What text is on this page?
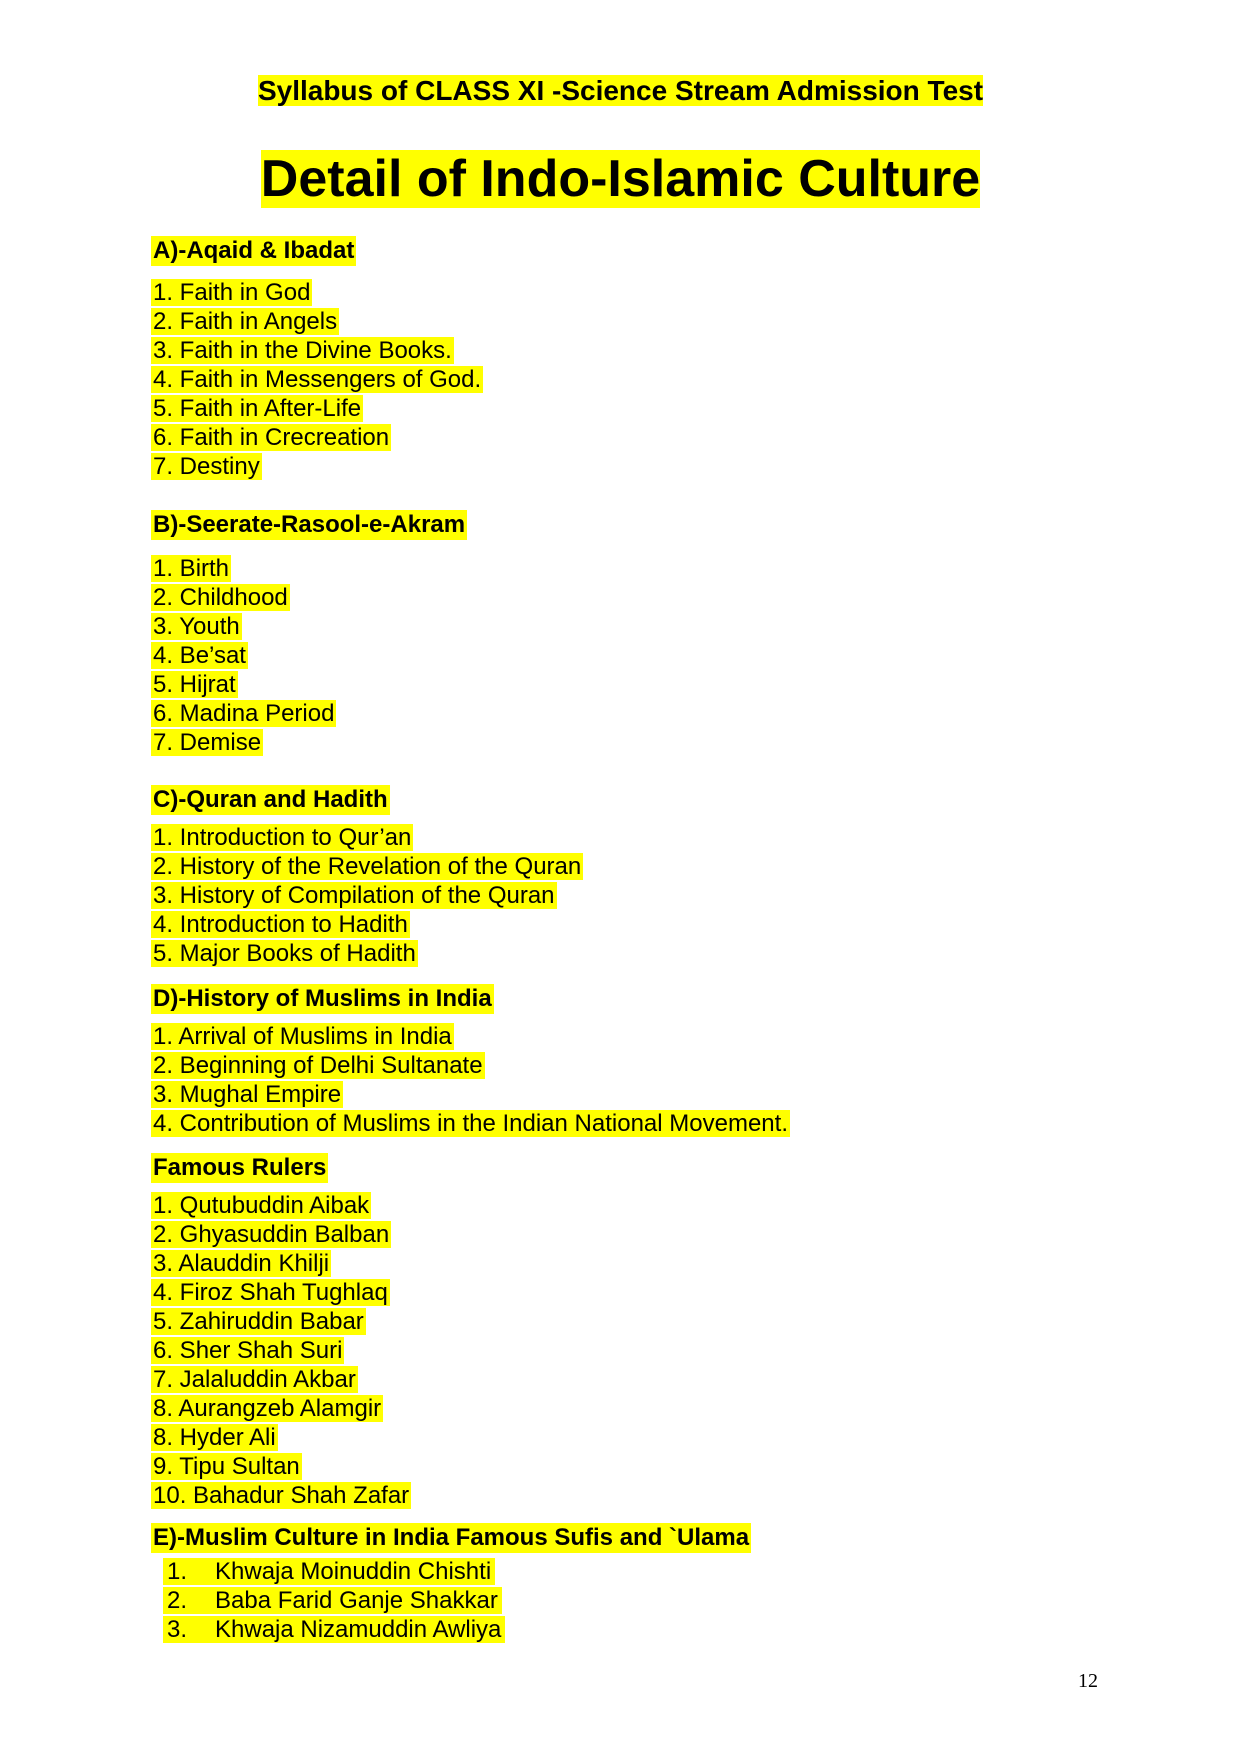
Syllabus of CLASS XI -Science Stream Admission Test
Detail of Indo-Islamic Culture
A)-Aqaid & Ibadat
1. Faith in God
2. Faith in Angels
3. Faith in the Divine Books.
4. Faith in Messengers of God.
5. Faith in After-Life
6. Faith in Crecreation
7. Destiny
B)-Seerate-Rasool-e-Akram
1. Birth
2. Childhood
3. Youth
4. Be’sat
5. Hijrat
6. Madina Period
7. Demise
C)-Quran and Hadith
1. Introduction to Qur’an
2. History of the Revelation of the Quran
3. History of Compilation of the Quran
4. Introduction to Hadith
5. Major Books of Hadith
D)-History of Muslims in India
1. Arrival of Muslims in India
2. Beginning of Delhi Sultanate
3. Mughal Empire
4. Contribution of Muslims in the Indian National Movement.
Famous Rulers
1. Qutubuddin Aibak
2. Ghyasuddin Balban
3. Alauddin Khilji
4. Firoz Shah Tughlaq
5. Zahiruddin Babar
6. Sher Shah Suri
7. Jalaluddin Akbar
8. Aurangzeb Alamgir
8. Hyder Ali
9. Tipu Sultan
10. Bahadur Shah Zafar
E)-Muslim Culture in India Famous Sufis and `Ulama
1. Khwaja Moinuddin Chishti
2. Baba Farid Ganje Shakkar
3. Khwaja Nizamuddin Awliya
12
